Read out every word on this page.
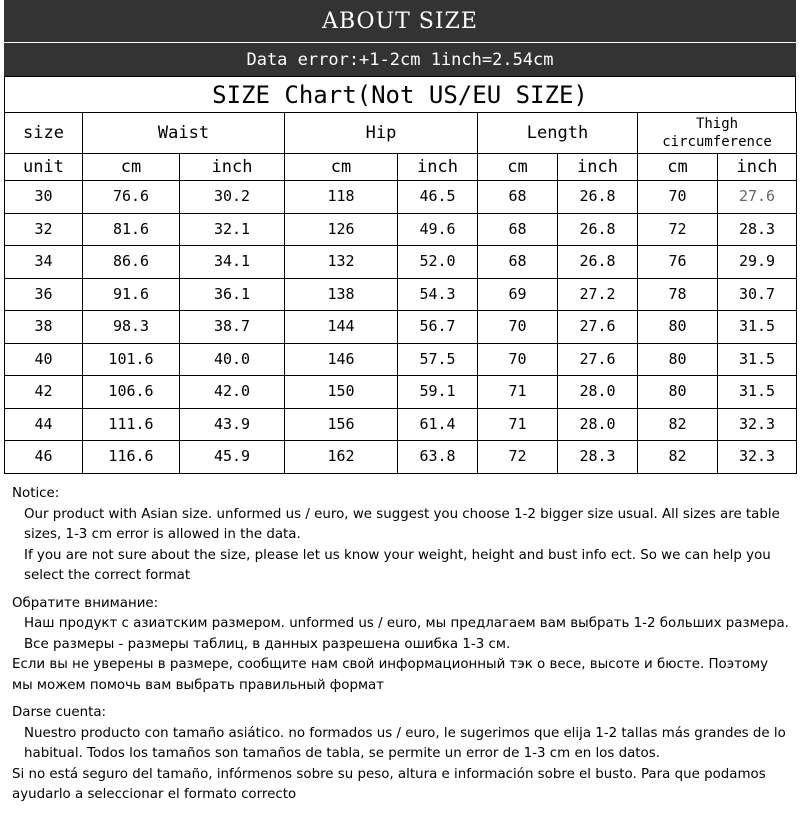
ABOUT SIZE
Data error:+1-2cm 1inch=2.54cm
SIZE Chart(Not US/EU SIZE)
size	Waist		Hip		Length		Thigh
circumference	
unit	cm	inch	cm	inch	cm	inch	cm	inch
30	76.6	30.2	118	46.5	68	26.8	70	27.6
32	81.6	32.1	126	49.6	68	26.8	72	28.3
34	86.6	34.1	132	52.0	68	26.8	76	29.9
36	91.6	36.1	138	54.3	69	27.2	78	30.7
38	98.3	38.7	144	56.7	70	27.6	80	31.5
40	101.6	40.0	146	57.5	70	27.6	80	31.5
42	106.6	42.0	150	59.1	71	28.0	80	31.5
44	111.6	43.9	156	61.4	71	28.0	82	32.3
46	116.6	45.9	162	63.8	72	28.3	82	32.3
Notice:
Our product with Asian size. unformed us / euro, we suggest you choose 1-2 bigger size usual. All sizes are table sizes, 1-3 cm error is allowed in the data.
If you are not sure about the size, please let us know your weight, height and bust info ect. So we can help you select the correct format
Обратите внимание:
Наш продукт с азиатским размером. unformed us / euro, мы предлагаем вам выбрать 1-2 больших размера. Все размеры - размеры таблиц, в данных разрешена ошибка 1-3 см.
Если вы не уверены в размере, сообщите нам свой информационный тэк о весе, высоте и бюсте. Поэтому мы можем помочь вам выбрать правильный формат
Darse cuenta:
Nuestro producto con tamaño asiático. no formados us / euro, le sugerimos que elija 1-2 tallas más grandes de lo habitual. Todos los tamaños son tamaños de tabla, se permite un error de 1-3 cm en los datos.
Si no está seguro del tamaño, infórmenos sobre su peso, altura e información sobre el busto. Para que podamos ayudarlo a seleccionar el formato correcto
